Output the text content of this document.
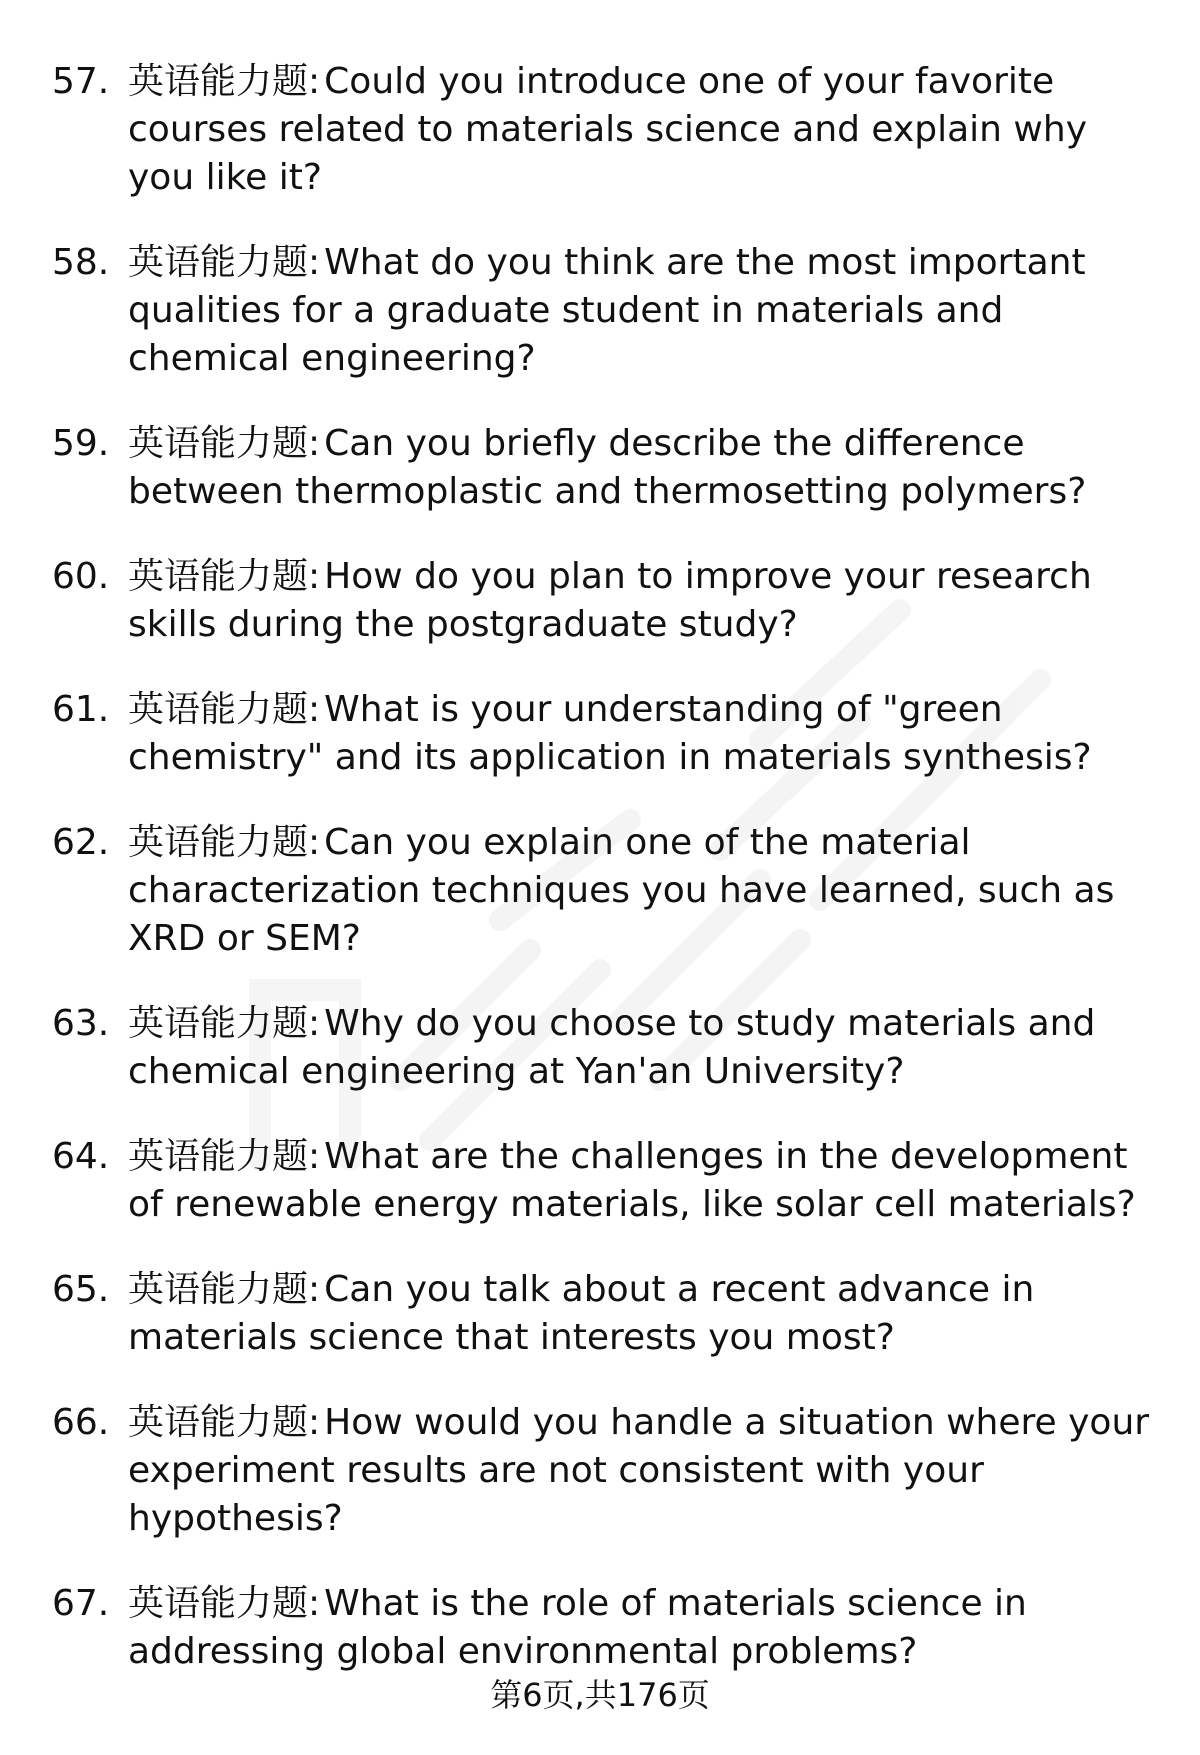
57. 英语能力题: Could you introduce one of your favorite courses related to materials science and explain why you like it?
58. 英语能力题: What do you think are the most important qualities for a graduate student in materials and chemical engineering?
59. 英语能力题: Can you briefly describe the difference between thermoplastic and thermosetting polymers?
60. 英语能力题: How do you plan to improve your research skills during the postgraduate study?
61. 英语能力题: What is your understanding of "green chemistry" and its application in materials synthesis?
62. 英语能力题: Can you explain one of the material characterization techniques you have learned, such as XRD or SEM?
63. 英语能力题: Why do you choose to study materials and chemical engineering at Yan'an University?
64. 英语能力题: What are the challenges in the development of renewable energy materials, like solar cell materials?
65. 英语能力题: Can you talk about a recent advance in materials science that interests you most?
66. 英语能力题: How would you handle a situation where your experiment results are not consistent with your hypothesis?
67. 英语能力题: What is the role of materials science in addressing global environmental problems?
第6页,共176页
